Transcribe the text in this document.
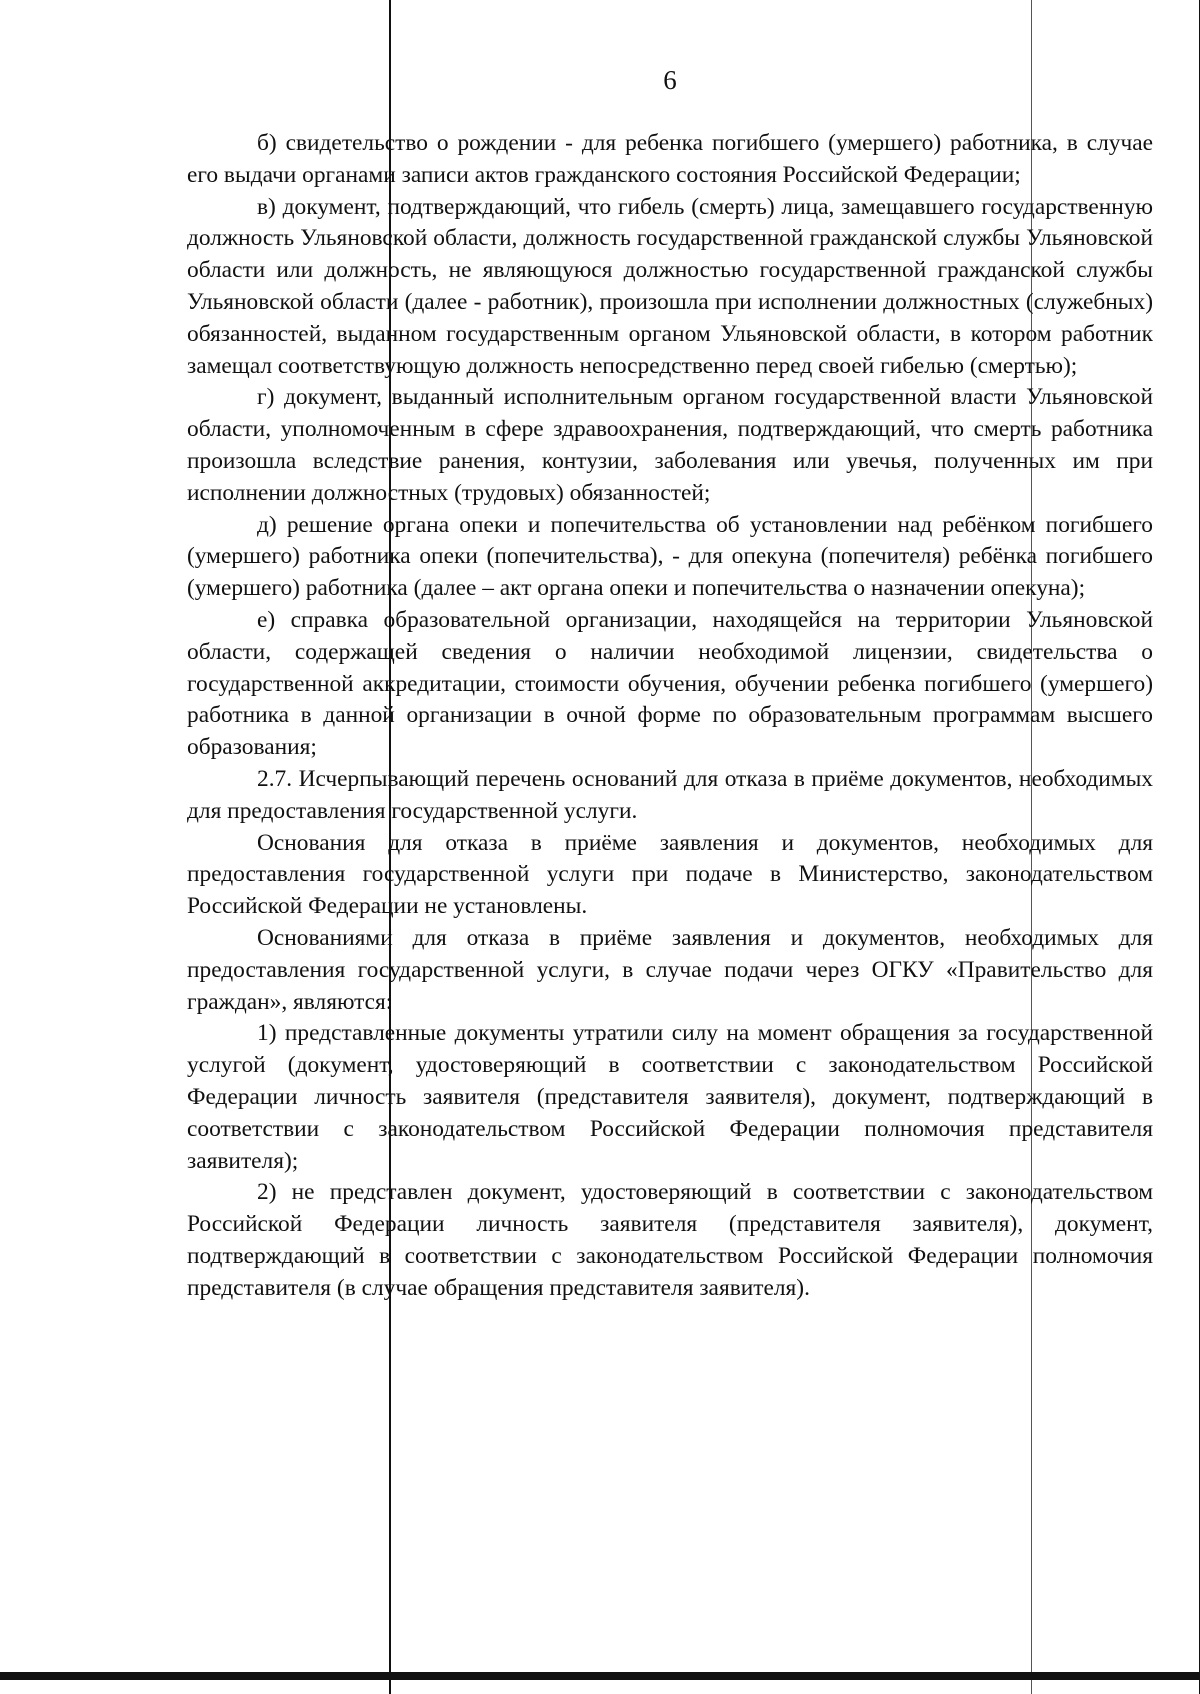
6

б) свидетельство о рождении - для ребенка погибшего (умершего) работника, в случае его выдачи органами записи актов гражданского состояния Российской Федерации;

в) документ, подтверждающий, что гибель (смерть) лица, замещавшего государственную должность Ульяновской области, должность государственной гражданской службы Ульяновской области или должность, не являющуюся должностью государственной гражданской службы Ульяновской области (далее - работник), произошла при исполнении должностных (служебных) обязанностей, выданном государственным органом Ульяновской области, в котором работник замещал соответствующую должность непосредственно перед своей гибелью (смертью);

г) документ, выданный исполнительным органом государственной власти Ульяновской области, уполномоченным в сфере здравоохранения, подтверждающий, что смерть работника произошла вследствие ранения, контузии, заболевания или увечья, полученных им при исполнении должностных (трудовых) обязанностей;

д) решение органа опеки и попечительства об установлении над ребёнком погибшего (умершего) работника опеки (попечительства), - для опекуна (попечителя) ребёнка погибшего (умершего) работника (далее – акт органа опеки и попечительства о назначении опекуна);

е) справка образовательной организации, находящейся на территории Ульяновской области, содержащей сведения о наличии необходимой лицензии, свидетельства о государственной аккредитации, стоимости обучения, обучении ребенка погибшего (умершего) работника в данной организации в очной форме по образовательным программам высшего образования;

2.7. Исчерпывающий перечень оснований для отказа в приёме документов, необходимых для предоставления государственной услуги.

Основания для отказа в приёме заявления и документов, необходимых для предоставления государственной услуги при подаче в Министерство, законодательством Российской Федерации не установлены.

Основаниями для отказа в приёме заявления и документов, необходимых для предоставления государственной услуги, в случае подачи через ОГКУ «Правительство для граждан», являются:

1) представленные документы утратили силу на момент обращения за государственной услугой (документ, удостоверяющий в соответствии с законодательством Российской Федерации личность заявителя (представителя заявителя), документ, подтверждающий в соответствии с законодательством Российской Федерации полномочия представителя заявителя);

2) не представлен документ, удостоверяющий в соответствии с законодательством Российской Федерации личность заявителя (представителя заявителя), документ, подтверждающий в соответствии с законодательством Российской Федерации полномочия представителя (в случае обращения представителя заявителя).
